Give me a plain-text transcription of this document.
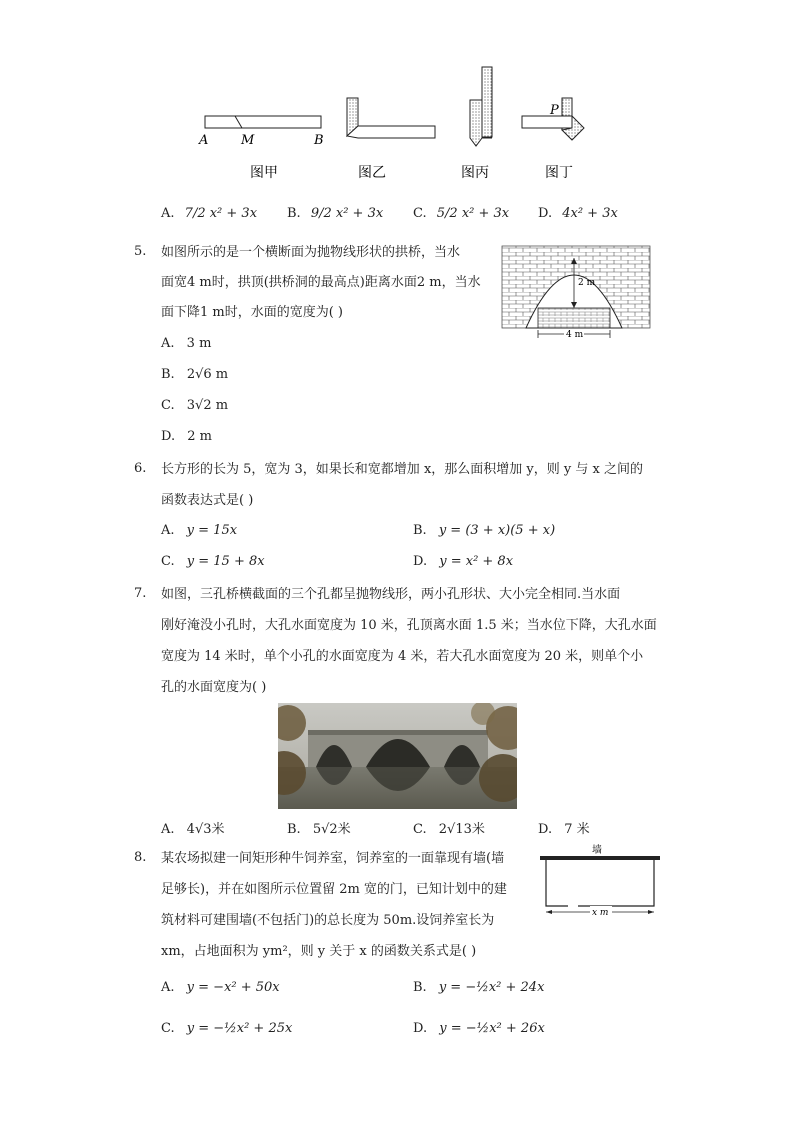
A	M	B
P
图甲	图乙	图丙	图丁
A. 7/2 x² + 3x B. 9/2 x² + 3x C. 5/2 x² + 3x D. 4x² + 3x
5. 如图所示的是一个横断面为抛物线形状的拱桥，当水
面宽4 m时，拱顶(拱桥洞的最高点)距离水面2 m，当水
面下降1 m时，水面的宽度为( )
2 m
4 m
A. 3 m
B. 2√6 m
C. 3√2 m
D. 2 m
6. 长方形的长为 5，宽为 3，如果长和宽都增加 x，那么面积增加 y，则 y 与 x 之间的
函数表达式是( )
A. y = 15x	B. y = (3 + x)(5 + x)
C. y = 15 + 8x	D. y = x² + 8x
7. 如图，三孔桥横截面的三个孔都呈抛物线形，两小孔形状、大小完全相同.当水面
刚好淹没小孔时，大孔水面宽度为 10 米，孔顶离水面 1.5 米；当水位下降，大孔水面
宽度为 14 米时，单个小孔的水面宽度为 4 米，若大孔水面宽度为 20 米，则单个小
孔的水面宽度为( )
A. 4√3米	B. 5√2米	C. 2√13米	D. 7 米
8. 某农场拟建一间矩形种牛饲养室，饲养室的一面靠现有墙(墙
足够长)，并在如图所示位置留 2m 宽的门，已知计划中的建
筑材料可建围墙(不包括门)的总长度为 50m.设饲养室长为
xm，占地面积为 ym²，则 y 关于 x 的函数关系式是( )
墙
x m
A. y = −x² + 50x	B. y = −½x² + 24x
C. y = −½x² + 25x	D. y = −½x² + 26x
